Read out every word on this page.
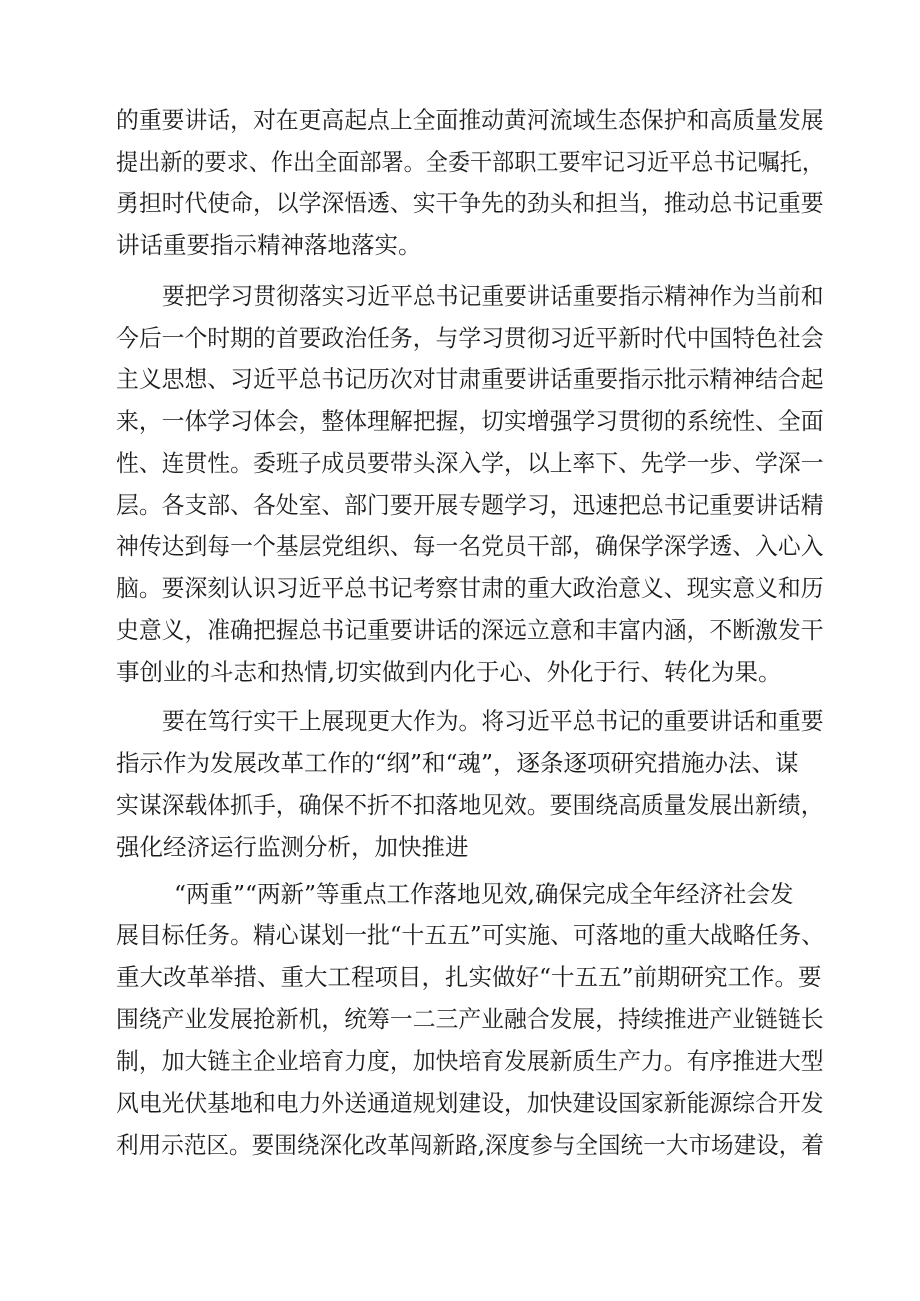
的重要讲话，对在更高起点上全面推动黄河流域生态保护和高质量发展
提出新的要求、作出全面部署。全委干部职工要牢记习近平总书记嘱托，
勇担时代使命，以学深悟透、实干争先的劲头和担当，推动总书记重要
讲话重要指示精神落地落实。
要把学习贯彻落实习近平总书记重要讲话重要指示精神作为当前和
今后一个时期的首要政治任务，与学习贯彻习近平新时代中国特色社会
主义思想、习近平总书记历次对甘肃重要讲话重要指示批示精神结合起
来，一体学习体会，整体理解把握，切实增强学习贯彻的系统性、全面
性、连贯性。委班子成员要带头深入学，以上率下、先学一步、学深一
层。各支部、各处室、部门要开展专题学习，迅速把总书记重要讲话精
神传达到每一个基层党组织、每一名党员干部，确保学深学透、入心入
脑。要深刻认识习近平总书记考察甘肃的重大政治意义、现实意义和历
史意义，准确把握总书记重要讲话的深远立意和丰富内涵，不断激发干
事创业的斗志和热情,切实做到内化于心、外化于行、转化为果。
要在笃行实干上展现更大作为。将习近平总书记的重要讲话和重要
指示作为发展改革工作的“纲”和“魂”，逐条逐项研究措施办法、谋
实谋深载体抓手，确保不折不扣落地见效。要围绕高质量发展出新绩，
强化经济运行监测分析，加快推进
“两重”“两新”等重点工作落地见效,确保完成全年经济社会发
展目标任务。精心谋划一批“十五五”可实施、可落地的重大战略任务、
重大改革举措、重大工程项目，扎实做好“十五五”前期研究工作。要
围绕产业发展抢新机，统筹一二三产业融合发展，持续推进产业链链长
制，加大链主企业培育力度，加快培育发展新质生产力。有序推进大型
风电光伏基地和电力外送通道规划建设，加快建设国家新能源综合开发
利用示范区。要围绕深化改革闯新路,深度参与全国统一大市场建设，着
